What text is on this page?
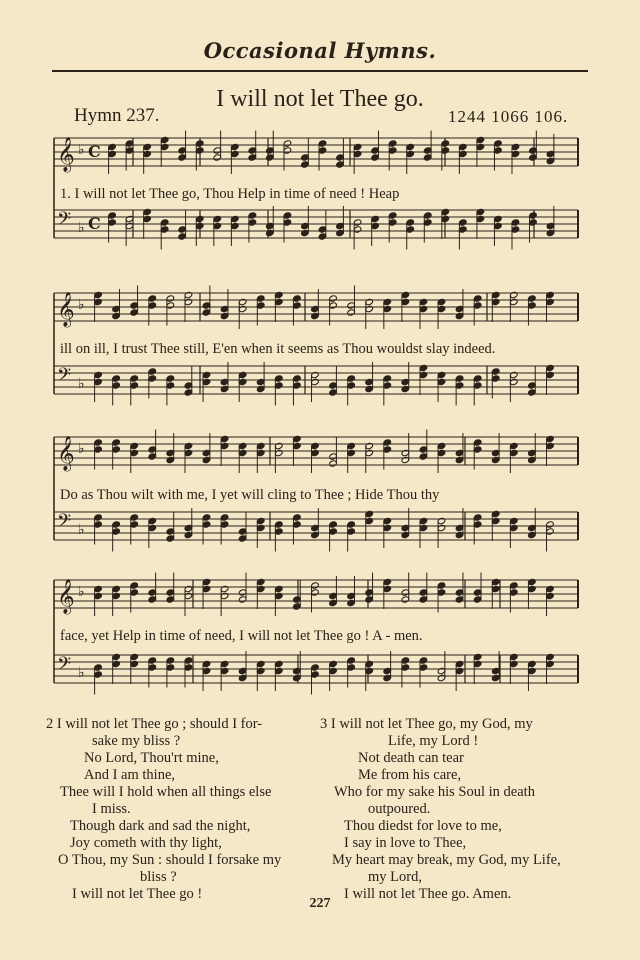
Occasional Hymns.
I will not let Thee go.
Hymn 237.	1244 1066 106.
𝄞 ♭ C
𝄢 ♭ C
𝄞 ♭
𝄢 ♭
𝄞 ♭
𝄢 ♭
𝄞 ♭
𝄢 ♭
1. I will not let Thee go, Thou Help in time of need ! Heap
ill on ill, I trust Thee still, E'en when it seems as Thou wouldst slay indeed.
Do as Thou wilt with me, I yet will cling to Thee ; Hide Thou thy
face, yet Help in time of need, I will not let Thee go ! A - men.
2 I will not let Thee go ; should I for-
sake my bliss ?
No Lord, Thou'rt mine,
And I am thine,
Thee will I hold when all things else
I miss.
Though dark and sad the night,
Joy cometh with thy light,
O Thou, my Sun : should I forsake my
bliss ?
I will not let Thee go !
3 I will not let Thee go, my God, my
Life, my Lord !
Not death can tear
Me from his care,
Who for my sake his Soul in death
outpoured.
Thou diedst for love to me,
I say in love to Thee,
My heart may break, my God, my Life,
my Lord,
I will not let Thee go. Amen.
227
